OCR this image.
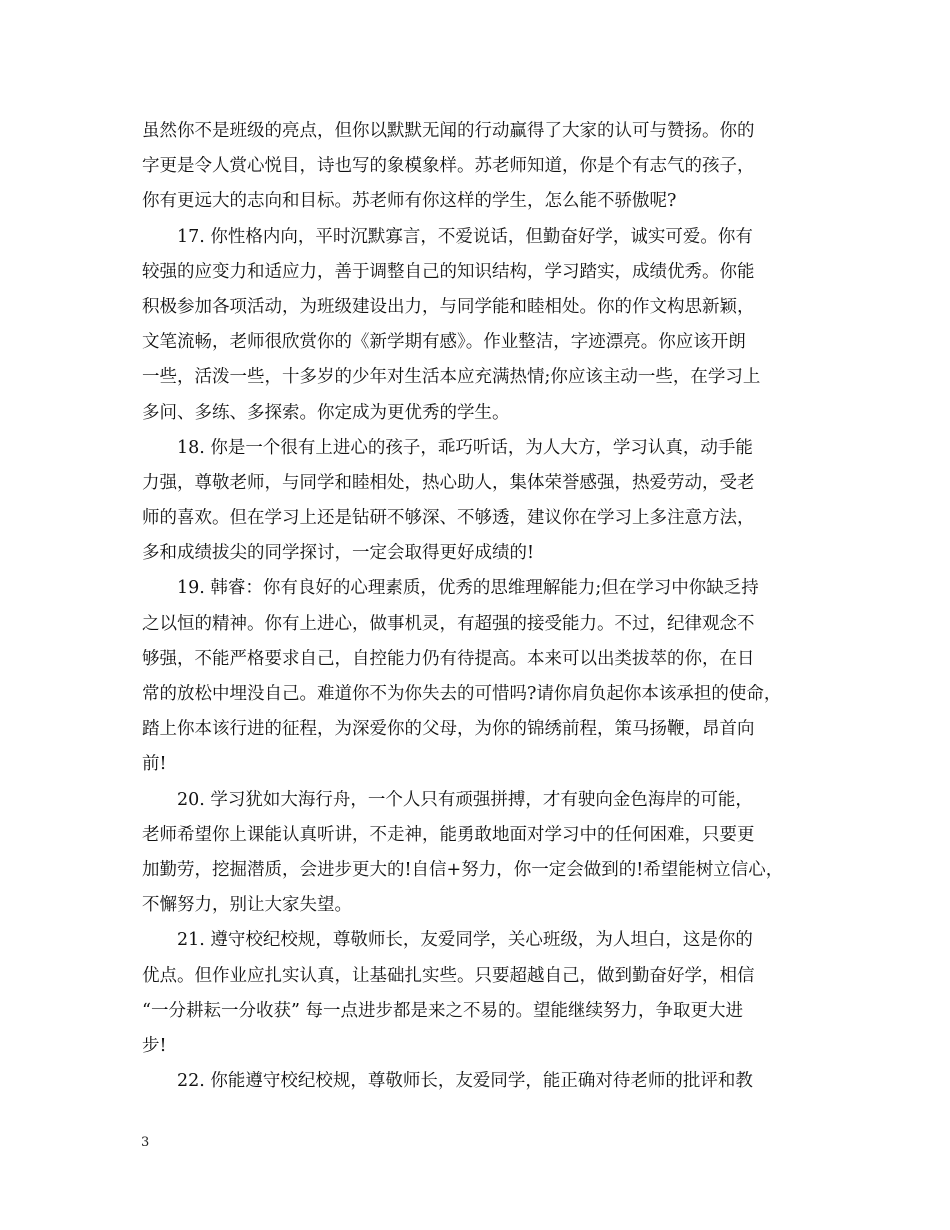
虽然你不是班级的亮点，但你以默默无闻的行动赢得了大家的认可与赞扬。你的
字更是令人赏心悦目，诗也写的象模象样。苏老师知道，你是个有志气的孩子，
你有更远大的志向和目标。苏老师有你这样的学生，怎么能不骄傲呢?
17. 你性格内向，平时沉默寡言，不爱说话，但勤奋好学，诚实可爱。你有
较强的应变力和适应力，善于调整自己的知识结构，学习踏实，成绩优秀。你能
积极参加各项活动，为班级建设出力，与同学能和睦相处。你的作文构思新颖，
文笔流畅，老师很欣赏你的《新学期有感》。作业整洁，字迹漂亮。你应该开朗
一些，活泼一些，十多岁的少年对生活本应充满热情;你应该主动一些，在学习上
多问、多练、多探索。你定成为更优秀的学生。
18. 你是一个很有上进心的孩子，乖巧听话，为人大方，学习认真，动手能
力强，尊敬老师，与同学和睦相处，热心助人，集体荣誉感强，热爱劳动，受老
师的喜欢。但在学习上还是钻研不够深、不够透，建议你在学习上多注意方法，
多和成绩拔尖的同学探讨，一定会取得更好成绩的!
19. 韩睿：你有良好的心理素质，优秀的思维理解能力;但在学习中你缺乏持
之以恒的精神。你有上进心，做事机灵，有超强的接受能力。不过，纪律观念不
够强，不能严格要求自己，自控能力仍有待提高。本来可以出类拔萃的你，在日
常的放松中埋没自己。难道你不为你失去的可惜吗?请你肩负起你本该承担的使命，
踏上你本该行进的征程，为深爱你的父母，为你的锦绣前程，策马扬鞭，昂首向
前!
20. 学习犹如大海行舟，一个人只有顽强拼搏，才有驶向金色海岸的可能，
老师希望你上课能认真听讲，不走神，能勇敢地面对学习中的任何困难，只要更
加勤劳，挖掘潜质，会进步更大的!自信+努力，你一定会做到的!希望能树立信心，
不懈努力，别让大家失望。
21. 遵守校纪校规，尊敬师长，友爱同学，关心班级，为人坦白，这是你的
优点。但作业应扎实认真，让基础扎实些。只要超越自己，做到勤奋好学，相信
“一分耕耘一分收获” 每一点进步都是来之不易的。望能继续努力，争取更大进
步!
22. 你能遵守校纪校规，尊敬师长，友爱同学，能正确对待老师的批评和教
3
